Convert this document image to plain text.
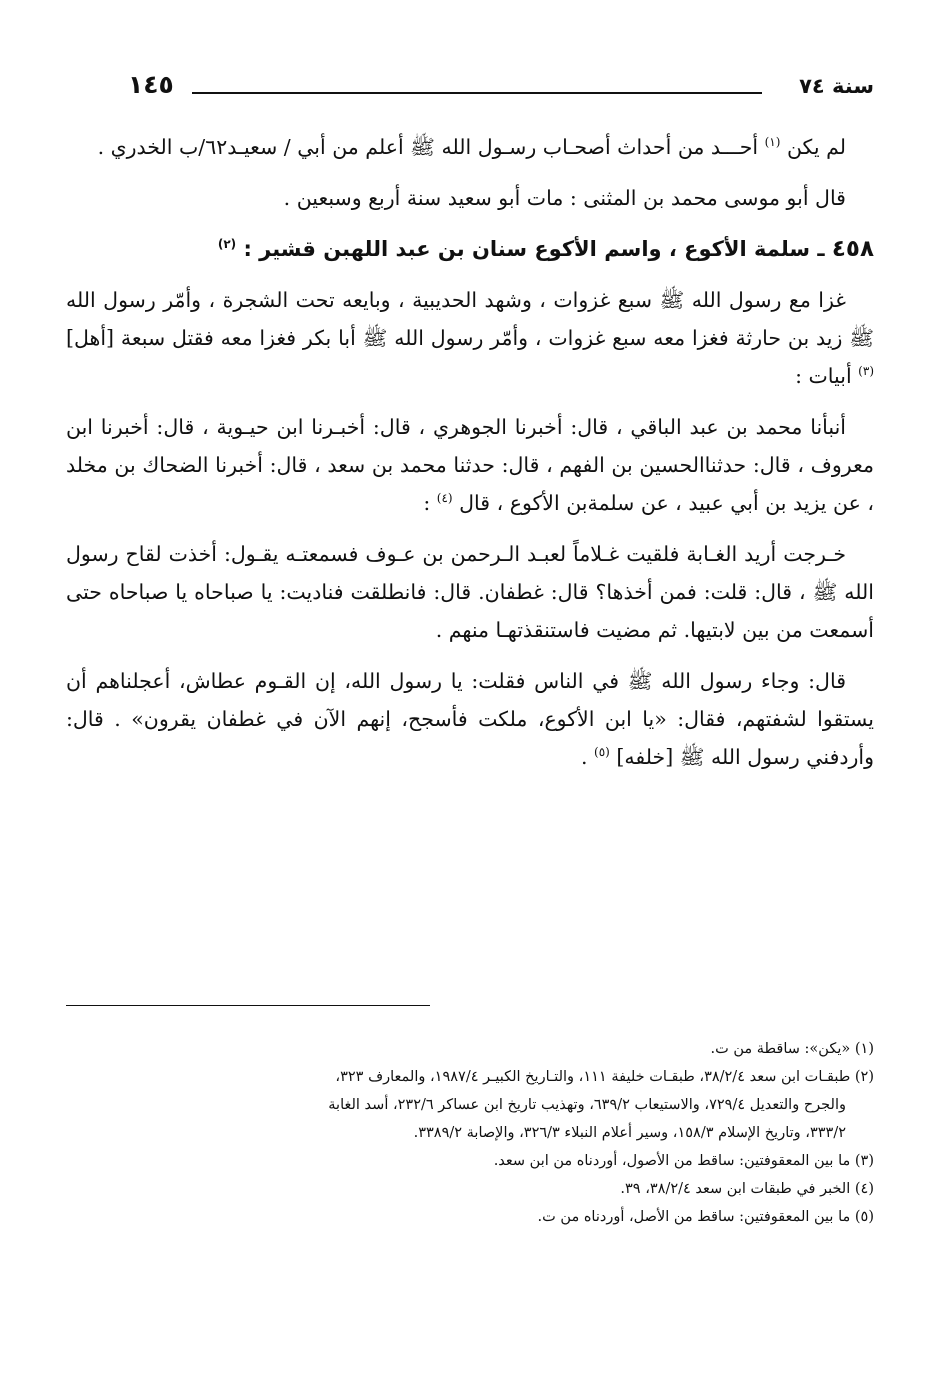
سنة ٧٤
١٤٥

لم يكن $^{(١)}$ أحـــد من أحداث أصحـاب رسـول الله ﷺ أعلم من أبي / سعيـد٦٢/ب الخدري .

قال أبو موسى محمد بن المثنى : مات أبو سعيد سنة أربع وسبعين .

٤٥٨ ـ سلمة الأكوع ، واسم الأكوع سنان بن عبد اللهبن قشير : $^{(٢)}$

غزا مع رسول الله ﷺ سبع غزوات ، وشهد الحديبية ، وبايعه تحت الشجرة ، وأمّر رسول الله ﷺ زيد بن حارثة فغزا معه سبع غزوات ، وأمّر رسول الله ﷺ أبا بكر فغزا معه فقتل سبعة [أهل] $^{(٣)}$ أبيات :

أنبأنا محمد بن عبد الباقي ، قال: أخبرنا الجوهري ، قال: أخبـرنا ابن حيـوية ، قال: أخبرنا ابن معروف ، قال: حدثناالحسين بن الفهم ، قال: حدثنا محمد بن سعد ، قال: أخبرنا الضحاك بن مخلد ، عن يزيد بن أبي عبيد ، عن سلمةبن الأكوع ، قال $^{(٤)}$ :

خـرجت أريد الغـابة فلقيت غـلاماً لعبـد الـرحمن بن عـوف فسمعتـه يقـول: أخذت لقاح رسول الله ﷺ ، قال: قلت: فمن أخذها؟ قال: غطفان. قال: فانطلقت فناديت: يا صباحاه يا صباحاه حتى أسمعت من بين لابتيها. ثم مضيت فاستنقذتهـا منهم .

قال: وجاء رسول الله ﷺ في الناس فقلت: يا رسول الله، إن القـوم عطاش، أعجلناهم أن يستقوا لشفتهم، فقال: «يا ابن الأكوع، ملكت فأسجح، إنهم الآن في غطفان يقرون» . قال: وأردفني رسول الله ﷺ [خلفه] $^{(٥)}$ .

(١) «يكن»: ساقطة من ت.

(٢) طبقـات ابن سعد ٣٨/٢/٤، طبقـات خليفة ١١١، والتـاريخ الكبيـر ١٩٨٧/٤، والمعارف ٣٢٣،

والجرح والتعديل ٧٢٩/٤، والاستيعاب ٦٣٩/٢، وتهذيب تاريخ ابن عساكر ٢٣٢/٦، أسد الغابة

٣٣٣/٢، وتاريخ الإسلام ١٥٨/٣، وسير أعلام النبلاء ٣٢٦/٣، والإصابة ٣٣٨٩/٢.

(٣) ما بين المعقوفتين: ساقط من الأصول، أوردناه من ابن سعد.

(٤) الخبر في طبقات ابن سعد ٣٨/٢/٤، ٣٩.

(٥) ما بين المعقوفتين: ساقط من الأصل، أوردناه من ت.
